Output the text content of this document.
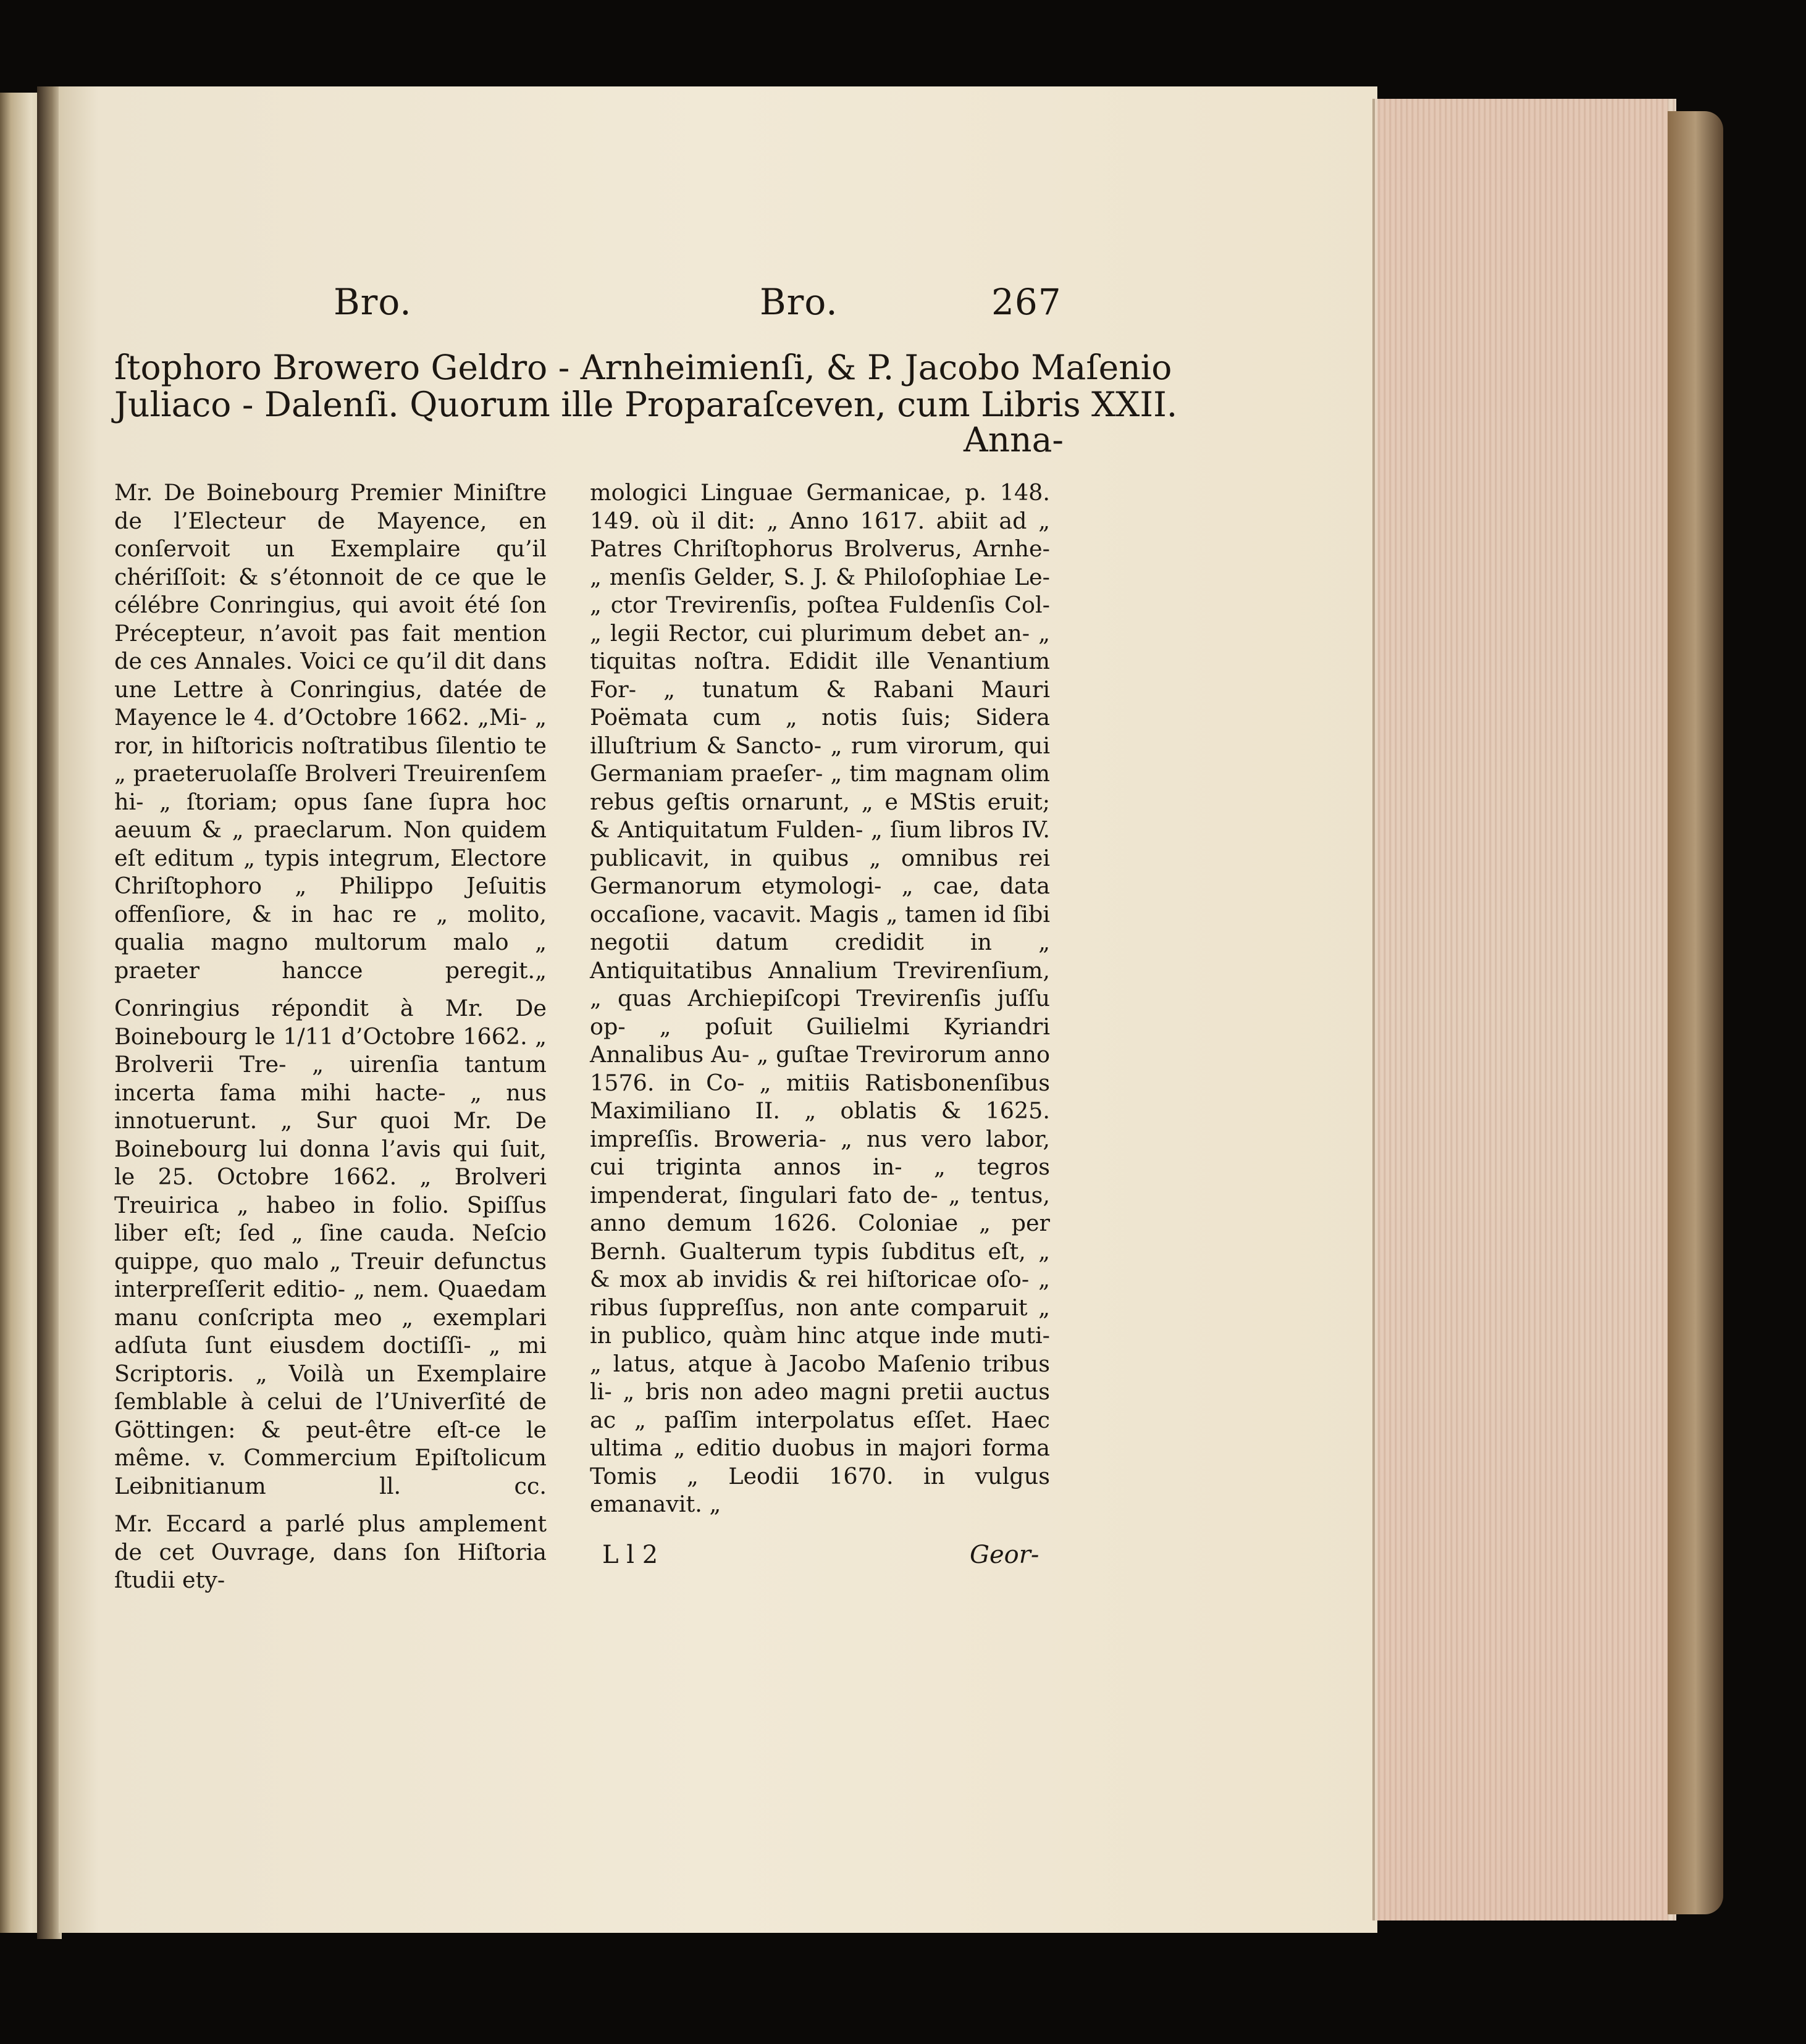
Bro.	Bro.	267
ſtophoro Browero Geldro - Arnheimienſi, & P. Jacobo Maſenio
Juliaco - Dalenſi. Quorum ille Proparaſceven, cum Libris XXII.
Anna-

Mr. De Boinebourg Premier Miniſtre de l’Electeur de Mayence, en conſervoit un Exemplaire qu’il chériſſoit: & s’étonnoit de ce que le célébre Conringius, qui avoit été ſon Précepteur, n’avoit pas fait mention de ces Annales. Voici ce qu’il dit dans une Lettre à Conringius, datée de Mayence le 4. d’Octobre 1662. „Mi- „ ror, in hiſtoricis noſtratibus ſilentio te „ praeteruolaſſe Brolveri Treuirenſem hi- „ ſtoriam; opus ſane ſupra hoc aeuum & „ praeclarum. Non quidem eſt editum „ typis integrum, Electore Chriſtophoro „ Philippo Jeſuitis offenſiore, & in hac re „ molito, qualia magno multorum malo „ praeter hancce peregit.„

Conringius répondit à Mr. De Boinebourg le 1/11 d’Octobre 1662. „ Brolverii Tre- „ uirenſia tantum incerta fama mihi hacte- „ nus innotuerunt. „ Sur quoi Mr. De Boinebourg lui donna l’avis qui ſuit, le 25. Octobre 1662. „ Brolveri Treuirica „ habeo in folio. Spiſſus liber eſt; ſed „ ſine cauda. Neſcio quippe, quo malo „ Treuir defunctus interpreſſerit editio- „ nem. Quaedam manu conſcripta meo „ exemplari adſuta ſunt eiusdem doctiſſi- „ mi Scriptoris. „ Voilà un Exemplaire ſemblable à celui de l’Univerſité de Göttingen: & peut-être eſt-ce le même. v. Commercium Epiſtolicum Leibnitianum ll. cc.

Mr. Eccard a parlé plus amplement de cet Ouvrage, dans ſon Hiſtoria ſtudii ety-

mologici Linguae Germanicae, p. 148. 149. où il dit: „ Anno 1617. abiit ad „ Patres Chriſtophorus Brolverus, Arnhe- „ menſis Gelder, S. J. & Philoſophiae Le- „ ctor Trevirenſis, poſtea Fuldenſis Col- „ legii Rector, cui plurimum debet an- „ tiquitas noſtra. Edidit ille Venantium For- „ tunatum & Rabani Mauri Poëmata cum „ notis ſuis; Sidera illuſtrium & Sancto- „ rum virorum, qui Germaniam praeſer- „ tim magnam olim rebus geſtis ornarunt, „ e MStis eruit; & Antiquitatum Fulden- „ ſium libros IV. publicavit, in quibus „ omnibus rei Germanorum etymologi- „ cae, data occaſione, vacavit. Magis „ tamen id ſibi negotii datum credidit in „ Antiquitatibus Annalium Trevirenſium, „ quas Archiepiſcopi Trevirenſis juſſu op- „ poſuit Guilielmi Kyriandri Annalibus Au- „ guſtae Trevirorum anno 1576. in Co- „ mitiis Ratisbonenſibus Maximiliano II. „ oblatis & 1625. impreſſis. Broweria- „ nus vero labor, cui triginta annos in- „ tegros impenderat, ſingulari fato de- „ tentus, anno demum 1626. Coloniae „ per Bernh. Gualterum typis ſubditus eſt, „ & mox ab invidis & rei hiſtoricae oſo- „ ribus ſuppreſſus, non ante comparuit „ in publico, quàm hinc atque inde muti- „ latus, atque à Jacobo Maſenio tribus li- „ bris non adeo magni pretii auctus ac „ paſſim interpolatus eſſet. Haec ultima „ editio duobus in majori forma Tomis „ Leodii 1670. in vulgus emanavit. „

L l 2	Geor-
